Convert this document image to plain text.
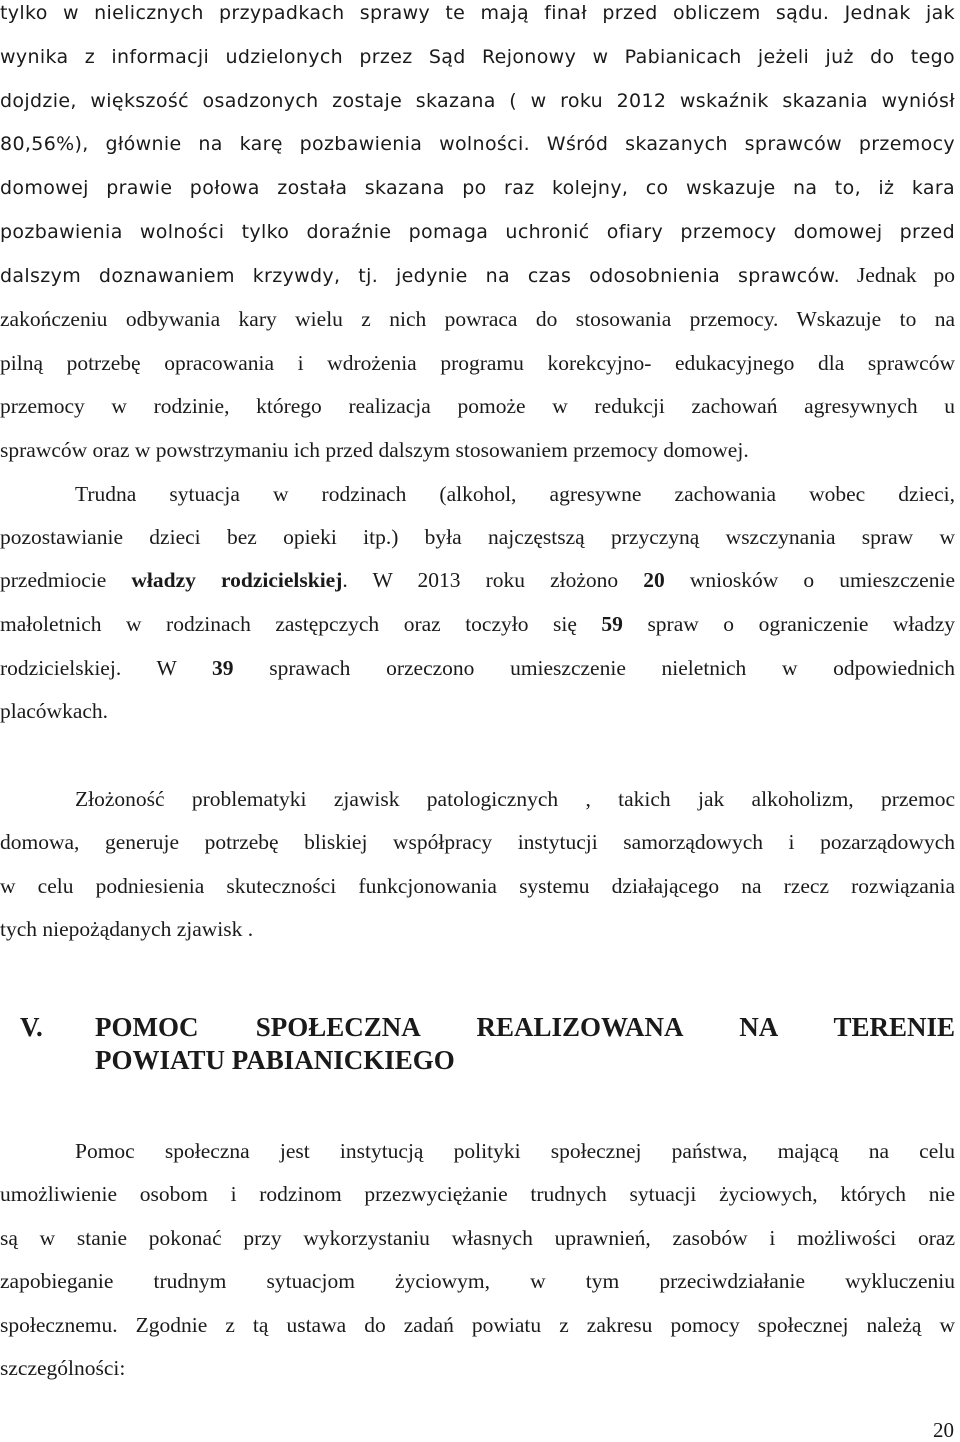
tylko w nielicznych przypadkach sprawy te mają finał przed obliczem sądu. Jednak jak
wynika z informacji udzielonych przez Sąd Rejonowy w Pabianicach jeżeli już do tego
dojdzie, większość osadzonych zostaje skazana ( w roku 2012 wskaźnik skazania wyniósł
80,56%), głównie na karę pozbawienia wolności. Wśród skazanych sprawców przemocy
domowej prawie połowa została skazana po raz kolejny, co wskazuje na to, iż kara
pozbawienia wolności tylko doraźnie pomaga uchronić ofiary przemocy domowej przed
dalszym doznawaniem krzywdy, tj. jedynie na czas odosobnienia sprawców. Jednak po
zakończeniu odbywania kary wielu z nich powraca do stosowania przemocy. Wskazuje to na
pilną potrzebę opracowania i wdrożenia programu korekcyjno- edukacyjnego dla sprawców
przemocy w rodzinie, którego realizacja pomoże w redukcji zachowań agresywnych u
sprawców oraz w powstrzymaniu ich przed dalszym stosowaniem przemocy domowej.
Trudna sytuacja w rodzinach (alkohol, agresywne zachowania wobec dzieci,
pozostawianie dzieci bez opieki itp.) była najczęstszą przyczyną wszczynania spraw w
przedmiocie władzy rodzicielskiej. W 2013 roku złożono 20 wniosków o umieszczenie
małoletnich w rodzinach zastępczych oraz toczyło się 59 spraw o ograniczenie władzy
rodzicielskiej. W 39 sprawach orzeczono umieszczenie nieletnich w odpowiednich
placówkach.
Złożoność problematyki zjawisk patologicznych , takich jak alkoholizm, przemoc
domowa, generuje potrzebę bliskiej współpracy instytucji samorządowych i pozarządowych
w celu podniesienia skuteczności funkcjonowania systemu działającego na rzecz rozwiązania
tych niepożądanych zjawisk .
V. POMOC SPOŁECZNA REALIZOWANA NA TERENIE
POWIATU PABIANICKIEGO
Pomoc społeczna jest instytucją polityki społecznej państwa, mającą na celu
umożliwienie osobom i rodzinom przezwyciężanie trudnych sytuacji życiowych, których nie
są w stanie pokonać przy wykorzystaniu własnych uprawnień, zasobów i możliwości oraz
zapobieganie trudnym sytuacjom życiowym, w tym przeciwdziałanie wykluczeniu
społecznemu. Zgodnie z tą ustawa do zadań powiatu z zakresu pomocy społecznej należą w
szczególności:
20
